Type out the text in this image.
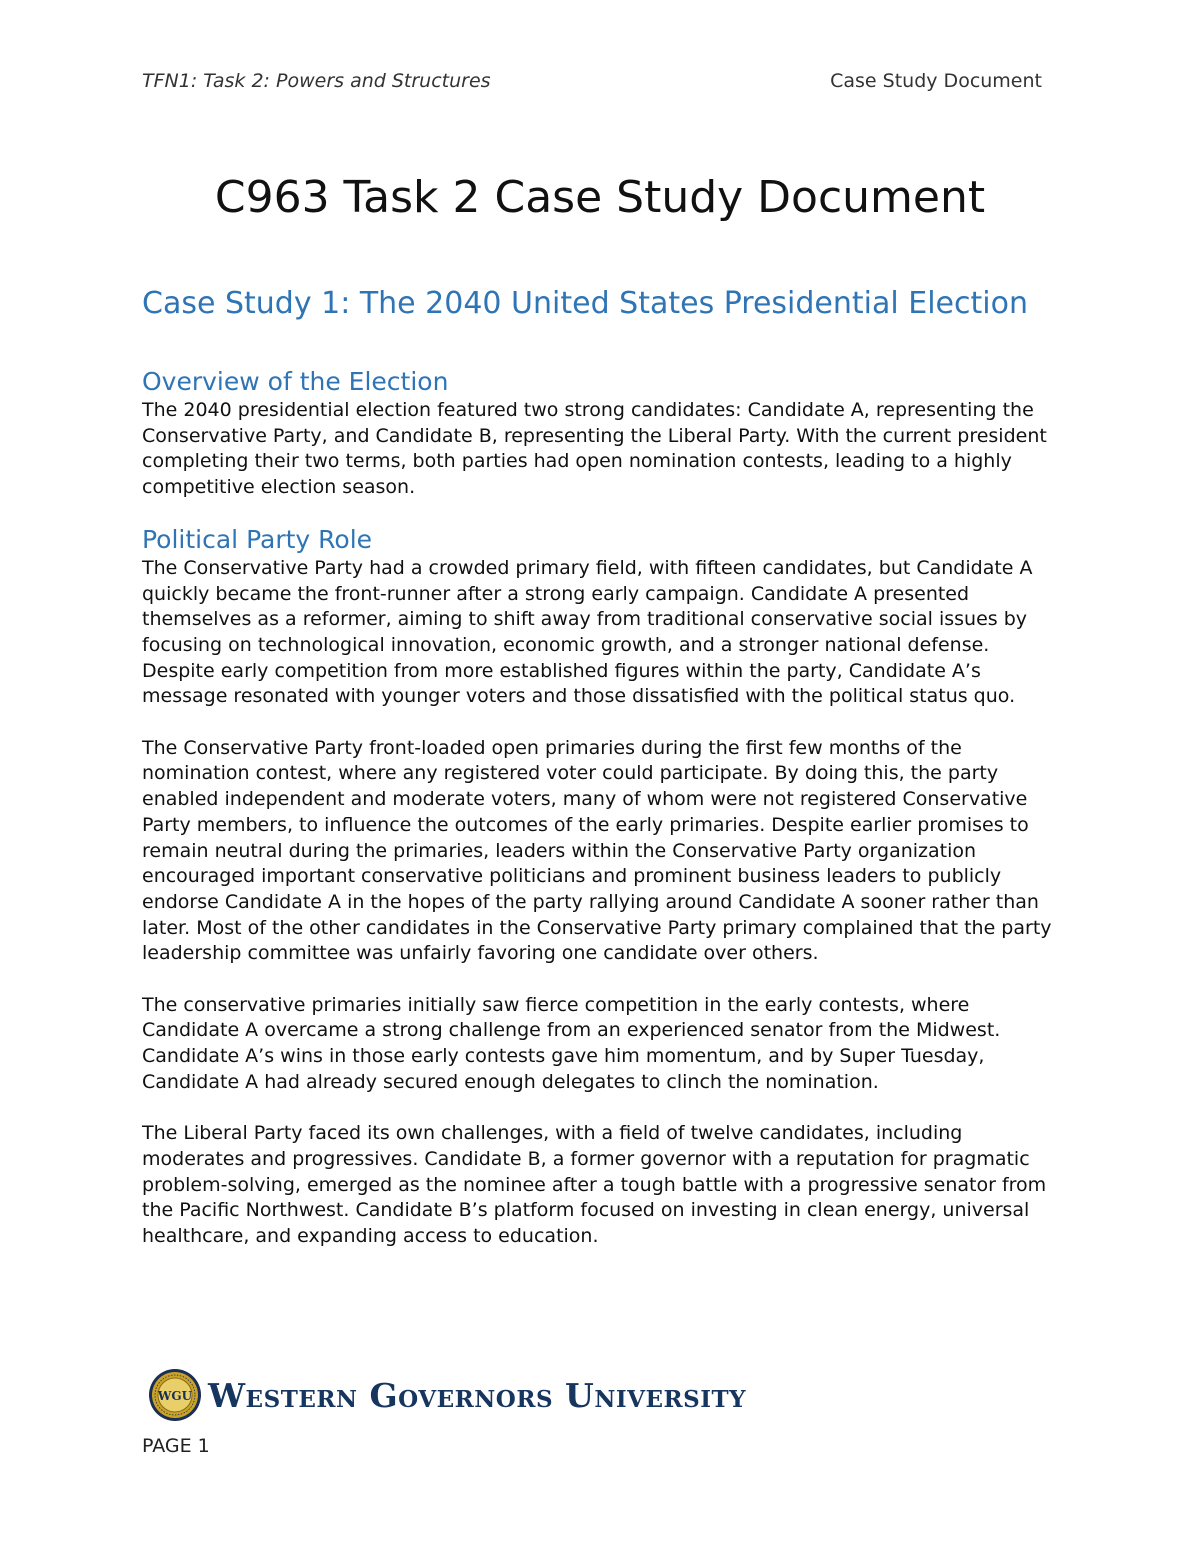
TFN1: Task 2: Powers and Structures	Case Study Document
C963 Task 2 Case Study Document
Case Study 1: The 2040 United States Presidential Election
Overview of the Election

The 2040 presidential election featured two strong candidates: Candidate A, representing the Conservative Party, and Candidate B, representing the Liberal Party. With the current president completing their two terms, both parties had open nomination contests, leading to a highly competitive election season.

Political Party Role

The Conservative Party had a crowded primary field, with fifteen candidates, but Candidate A quickly became the front-runner after a strong early campaign. Candidate A presented themselves as a reformer, aiming to shift away from traditional conservative social issues by focusing on technological innovation, economic growth, and a stronger national defense. Despite early competition from more established figures within the party, Candidate A’s message resonated with younger voters and those dissatisfied with the political status quo.

The Conservative Party front-loaded open primaries during the first few months of the nomination contest, where any registered voter could participate. By doing this, the party enabled independent and moderate voters, many of whom were not registered Conservative Party members, to influence the outcomes of the early primaries. Despite earlier promises to remain neutral during the primaries, leaders within the Conservative Party organization encouraged important conservative politicians and prominent business leaders to publicly endorse Candidate A in the hopes of the party rallying around Candidate A sooner rather than later. Most of the other candidates in the Conservative Party primary complained that the party leadership committee was unfairly favoring one candidate over others.

The conservative primaries initially saw fierce competition in the early contests, where Candidate A overcame a strong challenge from an experienced senator from the Midwest. Candidate A’s wins in those early contests gave him momentum, and by Super Tuesday, Candidate A had already secured enough delegates to clinch the nomination.

The Liberal Party faced its own challenges, with a field of twelve candidates, including moderates and progressives. Candidate B, a former governor with a reputation for pragmatic problem-solving, emerged as the nominee after a tough battle with a progressive senator from the Pacific Northwest. Candidate B’s platform focused on investing in clean energy, universal healthcare, and expanding access to education.

WGU Western Governors University
PAGE 1
